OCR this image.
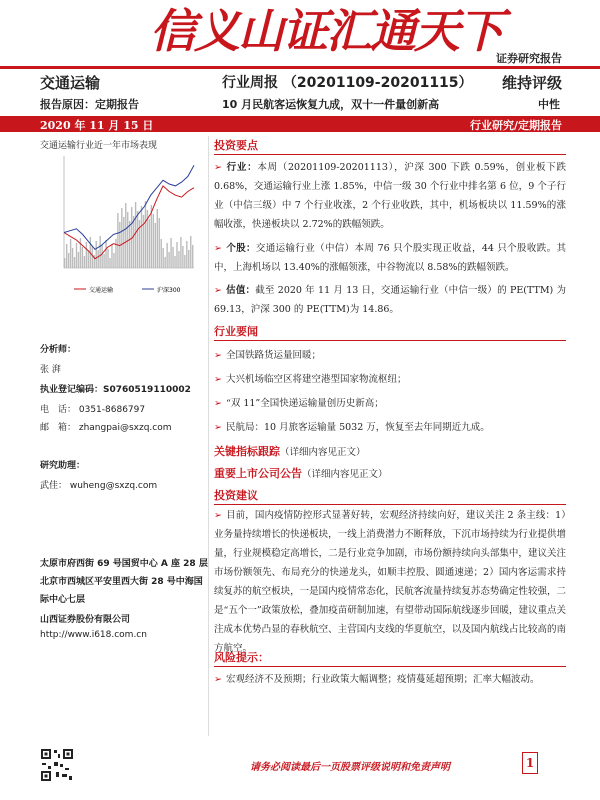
信义山证汇通天下
证券研究报告
交通运输	行业周报 （20201109-20201115） 维持评级
报告原因：定期报告	10 月民航客运恢复九成，双十一件量创新高	中性
2020 年 11 月 15 日	行业研究/定期报告
交通运输行业近一年市场表现
交通运输	沪深300
分析师：
张 湃
执业登记编码：S0760519110002
电　话： 0351-8686797
邮　箱： zhangpai@sxzq.com
研究助理：
武佳： wuheng@sxzq.com
太原市府西街 69 号国贸中心 A 座 28 层
北京市西城区平安里西大街 28 号中海国
际中心七层
山西证券股份有限公司
http://www.i618.com.cn
投资要点
➢ 行业：本周（20201109-20201113），沪深 300 下跌 0.59%，创业板下跌 0.68%，交通运输行业上涨 1.85%，中信一级 30 个行业中排名第 6 位，9 个子行业（中信三级）中 7 个行业收涨，2 个行业收跌，其中，机场板块以 11.59%的涨幅收涨，快递板块以 2.72%的跌幅领跌。
➢ 个股：交通运输行业（中信）本周 76 只个股实现正收益，44 只个股收跌。其中，上海机场以 13.40%的涨幅领涨，中谷物流以 8.58%的跌幅领跌。
➢ 估值：截至 2020 年 11 月 13 日，交通运输行业（中信一级）的 PE(TTM) 为 69.13，沪深 300 的 PE(TTM)为 14.86。
行业要闻
➢ 全国铁路货运量回暖；
➢ 大兴机场临空区将建空港型国家物流枢纽；
➢ “双 11”全国快递运输量创历史新高；
➢ 民航局：10 月旅客运输量 5032 万，恢复至去年同期近九成。
关键指标跟踪（详细内容见正文）
重要上市公司公告（详细内容见正文）
投资建议
➢ 目前，国内疫情防控形式显著好转，宏观经济持续向好，建议关注 2 条主线：1）业务量持续增长的快递板块，一线上消费潜力不断释放，下沉市场持续为行业提供增量，行业规模稳定高增长，二是行业竞争加剧，市场份额持续向头部集中，建议关注市场份额领先、布局充分的快递龙头，如顺丰控股、圆通速递；2）国内客运需求持续复苏的航空板块，一是国内疫情常态化，民航客流量持续复苏态势确定性较强，二是“五个一”政策放松，叠加疫苗研制加速，有望带动国际航线逐步回暖，建议重点关注成本优势凸显的春秋航空、主营国内支线的华夏航空，以及国内航线占比较高的南方航空。
风险提示：
➢ 宏观经济不及预期；行业政策大幅调整；疫情蔓延超预期；汇率大幅波动。
请务必阅读最后一页股票评级说明和免责声明	1
